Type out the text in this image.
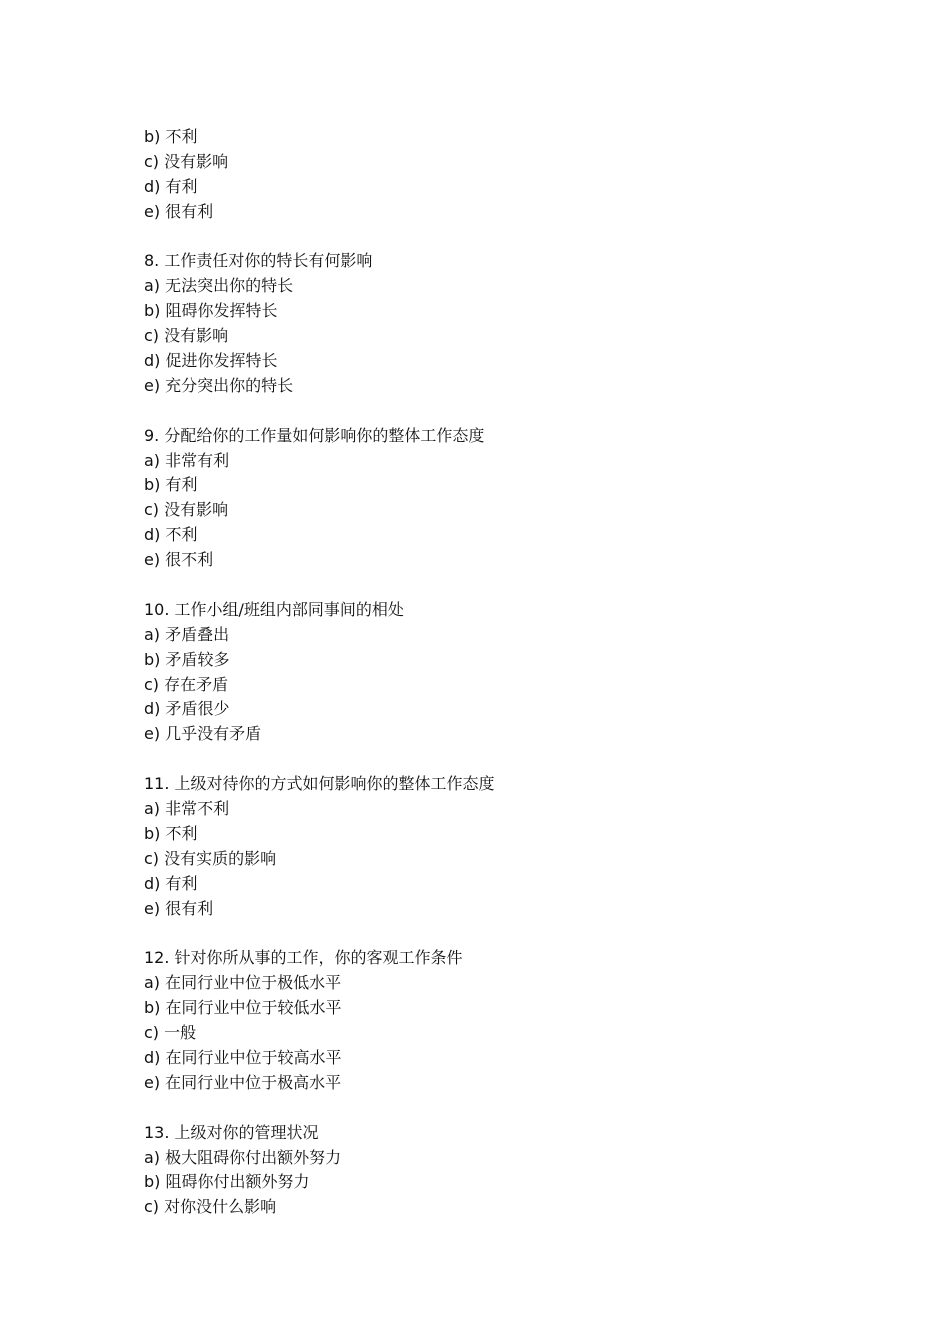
b) 不利
c) 没有影响
d) 有利
e) 很有利
8. 工作责任对你的特长有何影响
a) 无法突出你的特长
b) 阻碍你发挥特长
c) 没有影响
d) 促进你发挥特长
e) 充分突出你的特长
9. 分配给你的工作量如何影响你的整体工作态度
a) 非常有利
b) 有利
c) 没有影响
d) 不利
e) 很不利
10. 工作小组/班组内部同事间的相处
a) 矛盾叠出
b) 矛盾较多
c) 存在矛盾
d) 矛盾很少
e) 几乎没有矛盾
11. 上级对待你的方式如何影响你的整体工作态度
a) 非常不利
b) 不利
c) 没有实质的影响
d) 有利
e) 很有利
12. 针对你所从事的工作，你的客观工作条件
a) 在同行业中位于极低水平
b) 在同行业中位于较低水平
c) 一般
d) 在同行业中位于较高水平
e) 在同行业中位于极高水平
13. 上级对你的管理状况
a) 极大阻碍你付出额外努力
b) 阻碍你付出额外努力
c) 对你没什么影响
